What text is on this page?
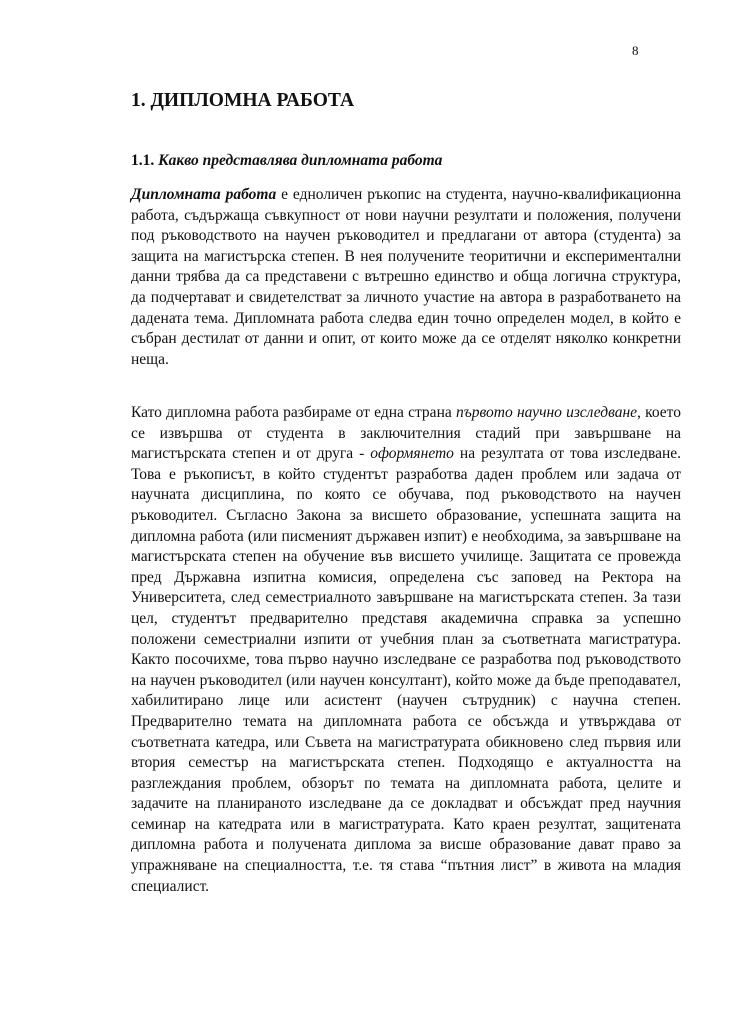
8
1. ДИПЛОМНА РАБОТА
1.1. Какво представлява дипломната работа

Дипломната работа е едноличен ръкопис на студента, научно-квалификационна работа, съдържаща съвкупност от нови научни резултати и положения, получени под ръководството на научен ръководител и предлагани от автора (студента) за защита на магистърска степен. В нея получените теоритични и експериментални данни трябва да са представени с вътрешно единство и обща логична структура, да подчертават и свидетелстват за личното участие на автора в разработването на дадената тема. Дипломната работа следва един точно определен модел, в който е събран дестилат от данни и опит, от които може да се отделят няколко конкретни неща.

Като дипломна работа разбираме от една страна първото научно изследване, което се извършва от студента в заключителния стадий при завършване на магистърската степен и от друга - оформянето на резултата от това изследване. Това е ръкописът, в който студентът разработва даден проблем или задача от научната дисциплина, по която се обучава, под ръководството на научен ръководител. Съгласно Закона за висшето образование, успешната защита на дипломна работа (или писменият държавен изпит) е необходима, за завършване на магистърската степен на обучение във висшето училище. Защитата се провежда пред Държавна изпитна комисия, определена със заповед на Ректора на Университета, след семестриалното завършване на магистърската степен. За тази цел, студентът предварително представя академична справка за успешно положени семестриални изпити от учебния план за съответната магистратура. Както посочихме, това първо научно изследване се разработва под ръководството на научен ръководител (или научен консултант), който може да бъде преподавател, хабилитирано лице или асистент (научен сътрудник) с научна степен. Предварително темата на дипломната работа се обсъжда и утвърждава от съответната катедра, или Съвета на магистратурата обикновено след първия или втория семестър на магистърската степен. Подходящо е актуалността на разглеждания проблем, обзорът по темата на дипломната работа, целите и задачите на планираното изследване да се докладват и обсъждат пред научния семинар на катедрата или в магистратурата. Като краен резултат, защитената дипломна работа и получената диплома за висше образование дават право за упражняване на специалността, т.е. тя става “пътния лист” в живота на младия специалист.
